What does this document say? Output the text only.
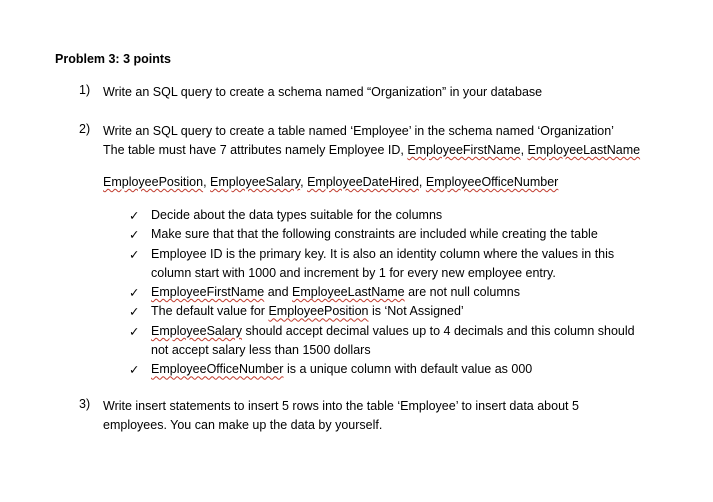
Problem 3: 3 points
1) Write an SQL query to create a schema named “Organization” in your database
2) Write an SQL query to create a table named ‘Employee’ in the schema named ‘Organization’
The table must have 7 attributes namely Employee ID, EmployeeFirstName, EmployeeLastName
EmployeePosition, EmployeeSalary, EmployeeDateHired, EmployeeOfficeNumber
✓ Decide about the data types suitable for the columns
✓ Make sure that that the following constraints are included while creating the table
✓ Employee ID is the primary key. It is also an identity column where the values in this
column start with 1000 and increment by 1 for every new employee entry.
✓ EmployeeFirstName and EmployeeLastName are not null columns
✓ The default value for EmployeePosition is ‘Not Assigned’
✓ EmployeeSalary should accept decimal values up to 4 decimals and this column should
not accept salary less than 1500 dollars
✓ EmployeeOfficeNumber is a unique column with default value as 000
3) Write insert statements to insert 5 rows into the table ‘Employee’ to insert data about 5
employees. You can make up the data by yourself.
